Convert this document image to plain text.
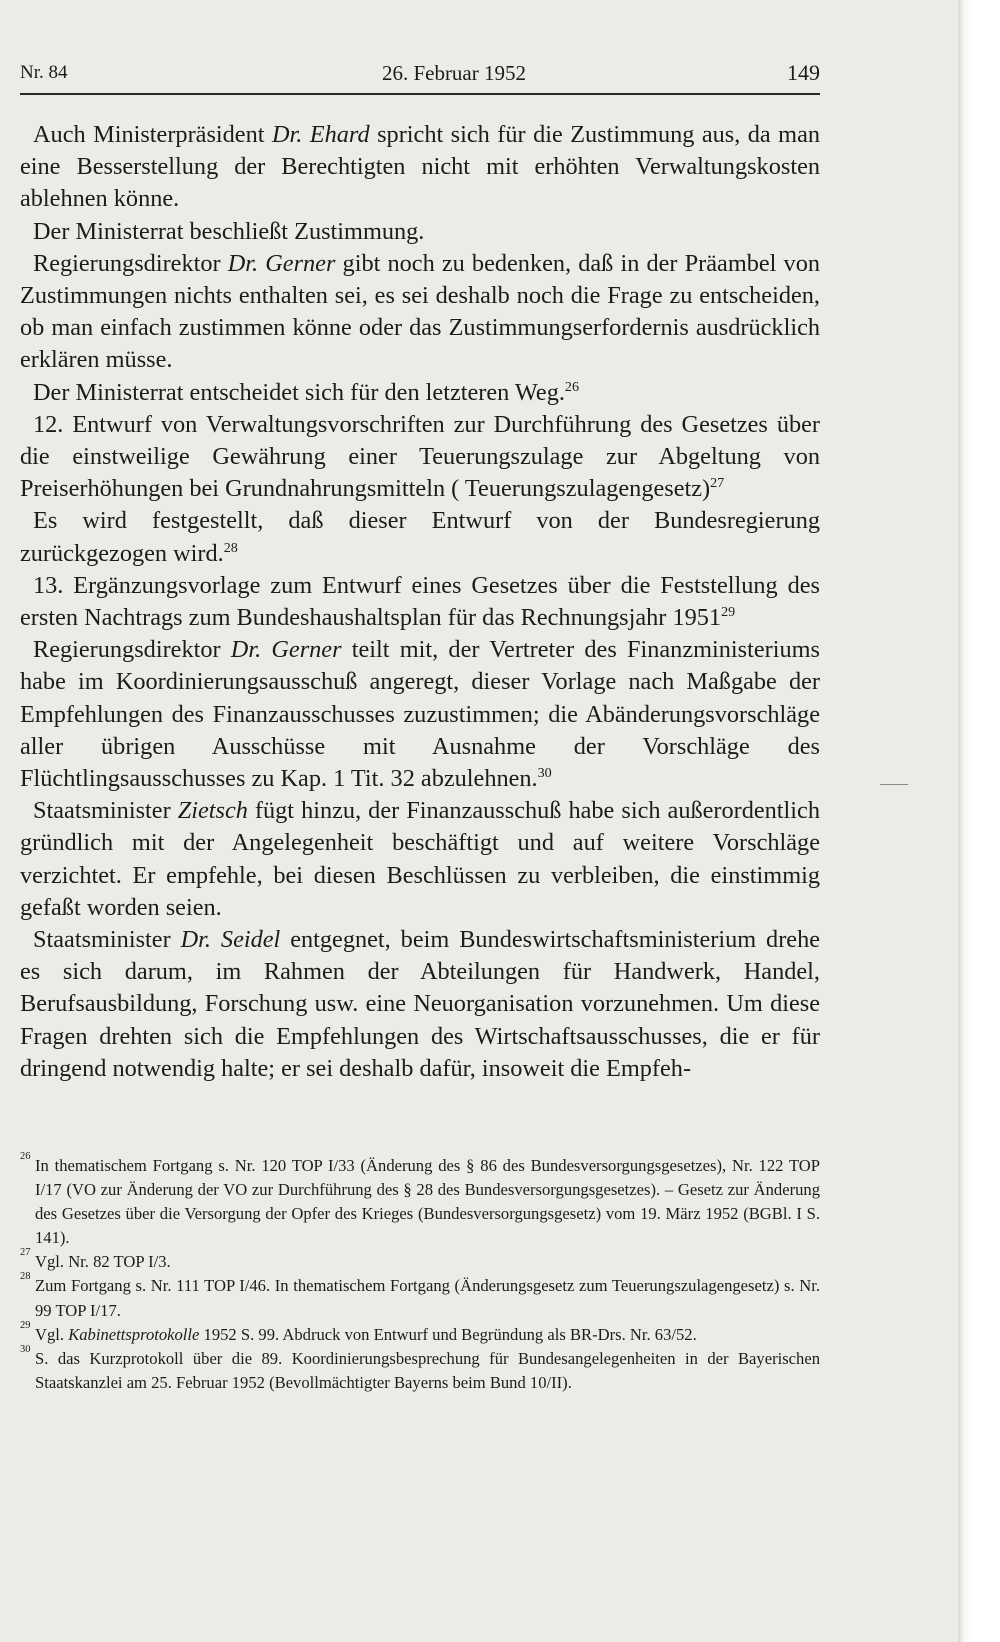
Nr. 84	26. Februar 1952	149

Auch Ministerpräsident Dr. Ehard spricht sich für die Zustimmung aus, da man eine Besserstellung der Berechtigten nicht mit erhöhten Verwaltungskosten ablehnen könne.

Der Ministerrat beschließt Zustimmung.

Regierungsdirektor Dr. Gerner gibt noch zu bedenken, daß in der Präambel von Zustimmungen nichts enthalten sei, es sei deshalb noch die Frage zu entscheiden, ob man einfach zustimmen könne oder das Zustimmungserfordernis ausdrücklich erklären müsse.

Der Ministerrat entscheidet sich für den letzteren Weg.$^{26}$

12. Entwurf von Verwaltungsvorschriften zur Durchführung des Gesetzes über die einstweilige Gewährung einer Teuerungszulage zur Abgeltung von Preiserhöhungen bei Grundnahrungsmitteln ( Teuerungszulagengesetz)$^{27}$

Es wird festgestellt, daß dieser Entwurf von der Bundesregierung zurückgezogen wird.$^{28}$

13. Ergänzungsvorlage zum Entwurf eines Gesetzes über die Feststellung des ersten Nachtrags zum Bundeshaushaltsplan für das Rechnungsjahr 1951$^{29}$

Regierungsdirektor Dr. Gerner teilt mit, der Vertreter des Finanzministeriums habe im Koordinierungsausschuß angeregt, dieser Vorlage nach Maßgabe der Empfehlungen des Finanzausschusses zuzustimmen; die Abänderungsvorschläge aller übrigen Ausschüsse mit Ausnahme der Vorschläge des Flüchtlingsausschusses zu Kap. 1 Tit. 32 abzulehnen.$^{30}$

Staatsminister Zietsch fügt hinzu, der Finanzausschuß habe sich außerordentlich gründlich mit der Angelegenheit beschäftigt und auf weitere Vorschläge verzichtet. Er empfehle, bei diesen Beschlüssen zu verbleiben, die einstimmig gefaßt worden seien.

Staatsminister Dr. Seidel entgegnet, beim Bundeswirtschaftsministerium drehe es sich darum, im Rahmen der Abteilungen für Handwerk, Handel, Berufsausbildung, Forschung usw. eine Neuorganisation vorzunehmen. Um diese Fragen drehten sich die Empfehlungen des Wirtschaftsausschusses, die er für dringend notwendig halte; er sei deshalb dafür, insoweit die Empfeh-

26 In thematischem Fortgang s. Nr. 120 TOP I/33 (Änderung des § 86 des Bundesversorgungsgesetzes), Nr. 122 TOP I/17 (VO zur Änderung der VO zur Durchführung des § 28 des Bundesversorgungsgesetzes). – Gesetz zur Änderung des Gesetzes über die Versorgung der Opfer des Krieges (Bundesversorgungsgesetz) vom 19. März 1952 (BGBl. I S. 141).
27 Vgl. Nr. 82 TOP I/3.
28 Zum Fortgang s. Nr. 111 TOP I/46. In thematischem Fortgang (Änderungsgesetz zum Teuerungszulagengesetz) s. Nr. 99 TOP I/17.
29 Vgl. Kabinettsprotokolle 1952 S. 99. Abdruck von Entwurf und Begründung als BR-Drs. Nr. 63/52.
30 S. das Kurzprotokoll über die 89. Koordinierungsbesprechung für Bundesangelegenheiten in der Bayerischen Staatskanzlei am 25. Februar 1952 (Bevollmächtigter Bayerns beim Bund 10/II).
